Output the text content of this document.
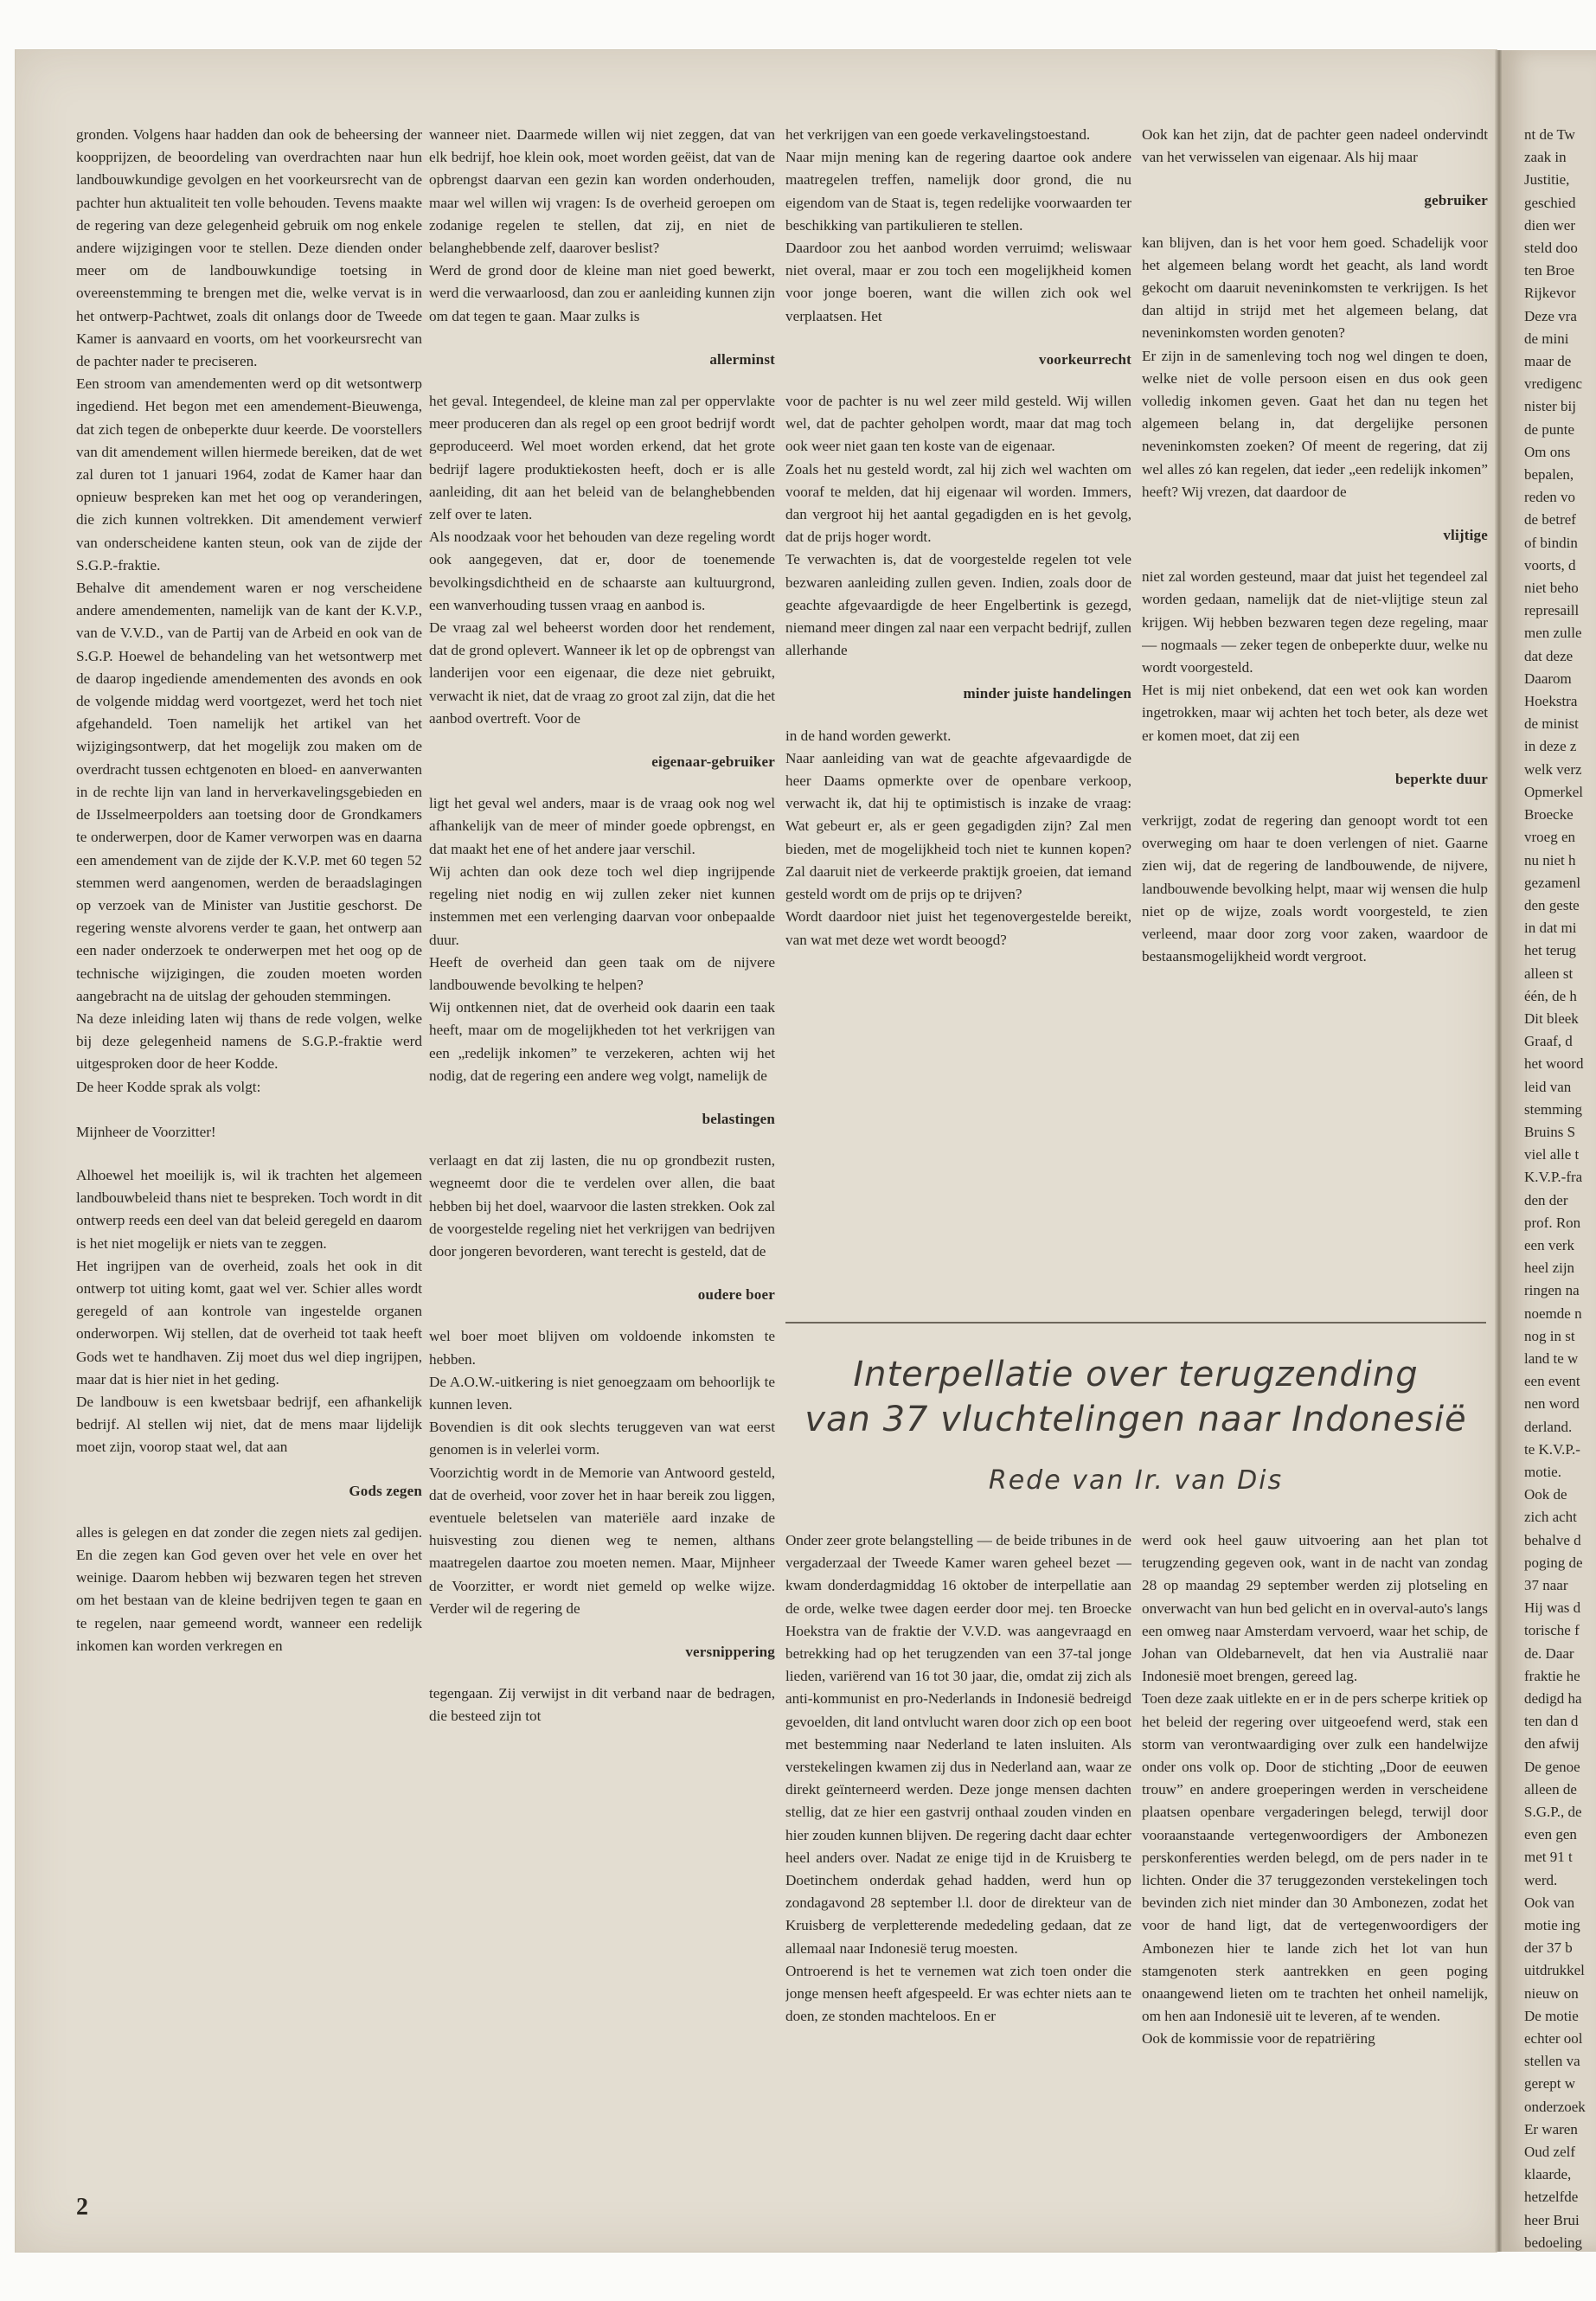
gronden. Volgens haar hadden dan ook de beheersing der koopprijzen, de beoordeling van overdrachten naar hun landbouwkundige gevolgen en het voorkeursrecht van de pachter hun aktualiteit ten volle behouden. Tevens maakte de regering van deze gelegenheid gebruik om nog enkele andere wijzigingen voor te stellen. Deze dienden onder meer om de landbouwkundige toetsing in overeenstemming te brengen met die, welke vervat is in het ontwerp-Pachtwet, zoals dit onlangs door de Tweede Kamer is aanvaard en voorts, om het voorkeursrecht van de pachter nader te preciseren.

Een stroom van amendementen werd op dit wetsontwerp ingediend. Het begon met een amendement-Bieuwenga, dat zich tegen de onbeperkte duur keerde. De voorstellers van dit amendement willen hiermede bereiken, dat de wet zal duren tot 1 januari 1964, zodat de Kamer haar dan opnieuw bespreken kan met het oog op veranderingen, die zich kunnen voltrekken. Dit amendement verwierf van onderscheidene kanten steun, ook van de zijde der S.G.P.-fraktie.

Behalve dit amendement waren er nog verscheidene andere amendementen, namelijk van de kant der K.V.P., van de V.V.D., van de Partij van de Arbeid en ook van de S.G.P. Hoewel de behandeling van het wetsontwerp met de daarop ingediende amendementen des avonds en ook de volgende middag werd voortgezet, werd het toch niet afgehandeld. Toen namelijk het artikel van het wijzigingsontwerp, dat het mogelijk zou maken om de overdracht tussen echtgenoten en bloed- en aanverwanten in de rechte lijn van land in herverkavelingsgebieden en de IJsselmeerpolders aan toetsing door de Grondkamers te onderwerpen, door de Kamer verworpen was en daarna een amendement van de zijde der K.V.P. met 60 tegen 52 stemmen werd aangenomen, werden de beraadslagingen op verzoek van de Minister van Justitie geschorst. De regering wenste alvorens verder te gaan, het ontwerp aan een nader onderzoek te onderwerpen met het oog op de technische wijzigingen, die zouden moeten worden aangebracht na de uitslag der gehouden stemmingen.

Na deze inleiding laten wij thans de rede volgen, welke bij deze gelegenheid namens de S.G.P.-fraktie werd uitgesproken door de heer Kodde.

De heer Kodde sprak als volgt:

Mijnheer de Voorzitter!

Alhoewel het moeilijk is, wil ik trachten het algemeen landbouwbeleid thans niet te bespreken. Toch wordt in dit ontwerp reeds een deel van dat beleid geregeld en daarom is het niet mogelijk er niets van te zeggen.

Het ingrijpen van de overheid, zoals het ook in dit ontwerp tot uiting komt, gaat wel ver. Schier alles wordt geregeld of aan kontrole van ingestelde organen onderworpen. Wij stellen, dat de overheid tot taak heeft Gods wet te handhaven. Zij moet dus wel diep ingrijpen, maar dat is hier niet in het geding.

De landbouw is een kwetsbaar bedrijf, een afhankelijk bedrijf. Al stellen wij niet, dat de mens maar lijdelijk moet zijn, voorop staat wel, dat aan

Gods zegen

alles is gelegen en dat zonder die zegen niets zal gedijen. En die zegen kan God geven over het vele en over het weinige. Daarom hebben wij bezwaren tegen het streven om het bestaan van de kleine bedrijven tegen te gaan en te regelen, naar gemeend wordt, wanneer een redelijk inkomen kan worden verkregen en

wanneer niet. Daarmede willen wij niet zeggen, dat van elk bedrijf, hoe klein ook, moet worden geëist, dat van de opbrengst daarvan een gezin kan worden onderhouden, maar wel willen wij vragen: Is de overheid geroepen om zodanige regelen te stellen, dat zij, en niet de belanghebbende zelf, daarover beslist?

Werd de grond door de kleine man niet goed bewerkt, werd die verwaarloosd, dan zou er aanleiding kunnen zijn om dat tegen te gaan. Maar zulks is

allerminst

het geval. Integendeel, de kleine man zal per oppervlakte meer produceren dan als regel op een groot bedrijf wordt geproduceerd. Wel moet worden erkend, dat het grote bedrijf lagere produktiekosten heeft, doch er is alle aanleiding, dit aan het beleid van de belanghebbenden zelf over te laten.

Als noodzaak voor het behouden van deze regeling wordt ook aangegeven, dat er, door de toenemende bevolkingsdichtheid en de schaarste aan kultuurgrond, een wanverhouding tussen vraag en aanbod is.

De vraag zal wel beheerst worden door het rendement, dat de grond oplevert. Wanneer ik let op de opbrengst van landerijen voor een eigenaar, die deze niet gebruikt, verwacht ik niet, dat de vraag zo groot zal zijn, dat die het aanbod overtreft. Voor de

eigenaar-gebruiker

ligt het geval wel anders, maar is de vraag ook nog wel afhankelijk van de meer of minder goede opbrengst, en dat maakt het ene of het andere jaar verschil.

Wij achten dan ook deze toch wel diep ingrijpende regeling niet nodig en wij zullen zeker niet kunnen instemmen met een verlenging daarvan voor onbepaalde duur.

Heeft de overheid dan geen taak om de nijvere landbouwende bevolking te helpen?

Wij ontkennen niet, dat de overheid ook daarin een taak heeft, maar om de mogelijkheden tot het verkrijgen van een „redelijk inkomen” te verzekeren, achten wij het nodig, dat de regering een andere weg volgt, namelijk de

belastingen

verlaagt en dat zij lasten, die nu op grondbezit rusten, wegneemt door die te verdelen over allen, die baat hebben bij het doel, waarvoor die lasten strekken. Ook zal de voorgestelde regeling niet het verkrijgen van bedrijven door jongeren bevorderen, want terecht is gesteld, dat de

oudere boer

wel boer moet blijven om voldoende inkomsten te hebben.

De A.O.W.-uitkering is niet genoegzaam om behoorlijk te kunnen leven.

Bovendien is dit ook slechts teruggeven van wat eerst genomen is in velerlei vorm.

Voorzichtig wordt in de Memorie van Antwoord gesteld, dat de overheid, voor zover het in haar bereik zou liggen, eventuele beletselen van materiële aard inzake de huisvesting zou dienen weg te nemen, althans maatregelen daartoe zou moeten nemen. Maar, Mijnheer de Voorzitter, er wordt niet gemeld op welke wijze. Verder wil de regering de

versnippering

tegengaan. Zij verwijst in dit verband naar de bedragen, die besteed zijn tot

het verkrijgen van een goede verkavelingstoestand.

Naar mijn mening kan de regering daartoe ook andere maatregelen treffen, namelijk door grond, die nu eigendom van de Staat is, tegen redelijke voorwaarden ter beschikking van partikulieren te stellen.

Daardoor zou het aanbod worden verruimd; weliswaar niet overal, maar er zou toch een mogelijkheid komen voor jonge boeren, want die willen zich ook wel verplaatsen. Het

voorkeurrecht

voor de pachter is nu wel zeer mild gesteld. Wij willen wel, dat de pachter geholpen wordt, maar dat mag toch ook weer niet gaan ten koste van de eigenaar.

Zoals het nu gesteld wordt, zal hij zich wel wachten om vooraf te melden, dat hij eigenaar wil worden. Immers, dan vergroot hij het aantal gegadigden en is het gevolg, dat de prijs hoger wordt.

Te verwachten is, dat de voorgestelde regelen tot vele bezwaren aanleiding zullen geven. Indien, zoals door de geachte afgevaardigde de heer Engelbertink is gezegd, niemand meer dingen zal naar een verpacht bedrijf, zullen allerhande

minder juiste handelingen

in de hand worden gewerkt.

Naar aanleiding van wat de geachte afgevaardigde de heer Daams opmerkte over de openbare verkoop, verwacht ik, dat hij te optimistisch is inzake de vraag: Wat gebeurt er, als er geen gegadigden zijn? Zal men bieden, met de mogelijkheid toch niet te kunnen kopen? Zal daaruit niet de verkeerde praktijk groeien, dat iemand gesteld wordt om de prijs op te drijven?

Wordt daardoor niet juist het tegenovergestelde bereikt, van wat met deze wet wordt beoogd?

Ook kan het zijn, dat de pachter geen nadeel ondervindt van het verwisselen van eigenaar. Als hij maar

gebruiker

kan blijven, dan is het voor hem goed. Schadelijk voor het algemeen belang wordt het geacht, als land wordt gekocht om daaruit neveninkomsten te verkrijgen. Is het dan altijd in strijd met het algemeen belang, dat neveninkomsten worden genoten?

Er zijn in de samenleving toch nog wel dingen te doen, welke niet de volle persoon eisen en dus ook geen volledig inkomen geven. Gaat het dan nu tegen het algemeen belang in, dat dergelijke personen neveninkomsten zoeken? Of meent de regering, dat zij wel alles zó kan regelen, dat ieder „een redelijk inkomen” heeft? Wij vrezen, dat daardoor de

vlijtige

niet zal worden gesteund, maar dat juist het tegendeel zal worden gedaan, namelijk dat de niet-vlijtige steun zal krijgen. Wij hebben bezwaren tegen deze regeling, maar — nogmaals — zeker tegen de onbeperkte duur, welke nu wordt voorgesteld.

Het is mij niet onbekend, dat een wet ook kan worden ingetrokken, maar wij achten het toch beter, als deze wet er komen moet, dat zij een

beperkte duur

verkrijgt, zodat de regering dan genoopt wordt tot een overweging om haar te doen verlengen of niet. Gaarne zien wij, dat de regering de landbouwende, de nijvere, landbouwende bevolking helpt, maar wij wensen die hulp niet op de wijze, zoals wordt voorgesteld, te zien verleend, maar door zorg voor zaken, waardoor de bestaansmogelijkheid wordt vergroot.

Interpellatie over terugzending
van 37 vluchtelingen naar Indonesië
Rede van Ir. van Dis

Onder zeer grote belangstelling — de beide tribunes in de vergaderzaal der Tweede Kamer waren geheel bezet — kwam donderdagmiddag 16 oktober de interpellatie aan de orde, welke twee dagen eerder door mej. ten Broecke Hoekstra van de fraktie der V.V.D. was aangevraagd en betrekking had op het terugzenden van een 37-tal jonge lieden, variërend van 16 tot 30 jaar, die, omdat zij zich als anti-kommunist en pro-Nederlands in Indonesië bedreigd gevoelden, dit land ontvlucht waren door zich op een boot met bestemming naar Nederland te laten insluiten. Als verstekelingen kwamen zij dus in Nederland aan, waar ze direkt geïnterneerd werden. Deze jonge mensen dachten stellig, dat ze hier een gastvrij onthaal zouden vinden en hier zouden kunnen blijven. De regering dacht daar echter heel anders over. Nadat ze enige tijd in de Kruisberg te Doetinchem onderdak gehad hadden, werd hun op zondagavond 28 september l.l. door de direkteur van de Kruisberg de verpletterende mededeling gedaan, dat ze allemaal naar Indonesië terug moesten.

Ontroerend is het te vernemen wat zich toen onder die jonge mensen heeft afgespeeld. Er was echter niets aan te doen, ze stonden machteloos. En er

werd ook heel gauw uitvoering aan het plan tot terugzending gegeven ook, want in de nacht van zondag 28 op maandag 29 september werden zij plotseling en onverwacht van hun bed gelicht en in overval-auto's langs een omweg naar Amsterdam vervoerd, waar het schip, de Johan van Oldebarnevelt, dat hen via Australië naar Indonesië moet brengen, gereed lag.

Toen deze zaak uitlekte en er in de pers scherpe kritiek op het beleid der regering over uitgeoefend werd, stak een storm van verontwaardiging over zulk een handelwijze onder ons volk op. Door de stichting „Door de eeuwen trouw” en andere groeperingen werden in verscheidene plaatsen openbare vergaderingen belegd, terwijl door vooraanstaande vertegenwoordigers der Ambonezen perskonferenties werden belegd, om de pers nader in te lichten. Onder die 37 teruggezonden verstekelingen toch bevinden zich niet minder dan 30 Ambonezen, zodat het voor de hand ligt, dat de vertegenwoordigers der Ambonezen hier te lande zich het lot van hun stamgenoten sterk aantrekken en geen poging onaangewend lieten om te trachten het onheil namelijk, om hen aan Indonesië uit te leveren, af te wenden.

Ook de kommissie voor de repatriëring

2
nt de Tw
zaak in
Justitie,
geschied
dien wer
steld doo
ten Broe
Rijkevor
Deze vra
de mini
maar de
vredigenc
nister bij
de punte
Om ons
bepalen,
reden vo
de betref
of bindin
voorts, d
niet beho
represaill
men zulle
dat deze
Daarom
Hoekstra
de minist
in deze z
welk verz
Opmerkel
Broecke
vroeg en
nu niet h
gezamenl
den geste
in dat mi
het terug
alleen st
één, de h
Dit bleek
Graaf, d
het woord
leid van
stemming
Bruins S
viel alle t
K.V.P.-fra
den der
prof. Ron
een verk
heel zijn
ringen na
noemde n
nog in st
land te w
een event
nen word
derland.
te K.V.P.-
motie.
Ook de
zich acht
behalve d
poging de
37 naar
Hij was d
torische f
de. Daar
fraktie he
dedigd ha
ten dan d
den afwij
De genoe
alleen de
S.G.P., de
even gen
met 91 t
werd.
Ook van
motie ing
der 37 b
uitdrukkel
nieuw on
De motie
echter ool
stellen va
gerept w
onderzoek
Er waren
Oud zelf
klaarde,
hetzelfde
heer Brui
bedoeling
